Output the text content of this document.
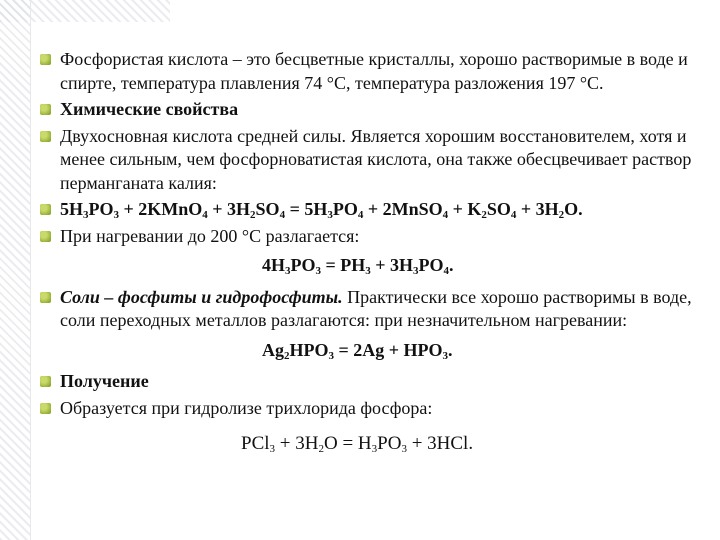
Фосфористая кислота – это бесцветные кристаллы, хорошо растворимые в воде и спирте, температура плавления 74 °С, температура разложения 197 °С.
Химические свойства
Двухосновная кислота средней силы. Является хорошим восстановителем, хотя и менее сильным, чем фосфорноватистая кислота, она также обесцвечивает раствор перманганата калия:
$5H_3PO_3$ + 2KMnO$_4$ + $3H_2SO_4 = 5H_3PO_4$ + 2MnSO$_4$ + $K_2SO_4 + 3H_2O$.
При нагревании до 200 °С разлагается:
$4H_3PO_3 = PH_3 + 3H_3PO_4$.
Соли – фосфиты и гидрофосфиты. Практически все хорошо растворимы в воде, соли переходных металлов разлагаются: при незначительном нагревании:
$Ag_2HPO_3 = 2Ag + HPO_3$.
Получение
Образуется при гидролизе трихлорида фосфора:
$PCl_3 + 3H_2O = H_3PO_3 + 3HCl$.
